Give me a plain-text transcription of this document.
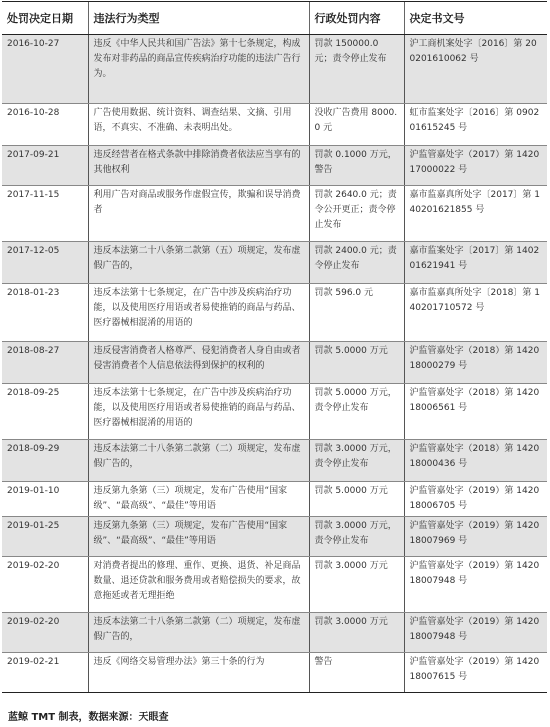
处罚决定日期	违法行为类型	行政处罚内容	决定书文号
2016-10-27	违反《中华人民共和国广告法》第十七条规定，构成发布对非药品的商品宣传疾病治疗功能的违法广告行为。	罚款 150000.0 元；责令停止发布	沪工商机案处字〔2016〕第 200201610062 号
2016-10-28	广告使用数据、统计资料、调查结果、文摘、引用语，不真实、不准确、未表明出处。	没收广告费用 8000.0 元	虹市监案处字〔2016〕第 090201615245 号
2017-09-21	违反经营者在格式条款中排除消费者依法应当享有的其他权利	罚款 0.1000 万元，警告	沪监管嘉处字（2017）第 142017000022 号
2017-11-15	利用广告对商品或服务作虚假宣传，欺骗和误导消费者	罚款 2640.0 元；责令公开更正；责令停止发布	嘉市监嘉真所处字〔2017〕第 140201621855 号
2017-12-05	违反本法第二十八条第二款第（五）项规定，发布虚假广告的，	罚款 2400.0 元；责令停止发布	嘉市监案处字〔2017〕第 140201621941 号
2018-01-23	违反本法第十七条规定，在广告中涉及疾病治疗功能，以及使用医疗用语或者易使推销的商品与药品、医疗器械相混淆的用语的	罚款 596.0 元	嘉市监嘉真所处字〔2018〕第 140201710572 号
2018-08-27	违反侵害消费者人格尊严、侵犯消费者人身自由或者侵害消费者个人信息依法得到保护的权利的	罚款 5.0000 万元	沪监管嘉处字（2018）第 142018000279 号
2018-09-25	违反本法第十七条规定，在广告中涉及疾病治疗功能，以及使用医疗用语或者易使推销的商品与药品、医疗器械相混淆的用语的	罚款 5.0000 万元，责令停止发布	沪监管嘉处字（2018）第 142018006561 号
2018-09-29	违反本法第二十八条第二款第（二）项规定，发布虚假广告的，	罚款 3.0000 万元，责令停止发布	沪监管嘉处字（2018）第 142018000436 号
2019-01-10	违反第九条第（三）项规定，发布广告使用“国家级”、“最高级”、“最佳”等用语	罚款 5.0000 万元	沪监管嘉处字（2019）第 142018006705 号
2019-01-25	违反第九条第（三）项规定，发布广告使用“国家级”、“最高级”、“最佳”等用语	罚款 3.0000 万元，责令停止发布	沪监管嘉处字（2019）第 142018007969 号
2019-02-20	对消费者提出的修理、重作、更换、退货、补足商品数量、退还贷款和服务费用或者赔偿损失的要求，故意拖延或者无理拒绝	罚款 3.0000 万元	沪监管嘉处字（2019）第 142018007948 号
2019-02-20	违反本法第二十八条第二款第（二）项规定，发布虚假广告的，	罚款 3.0000 万元	沪监管嘉处字（2019）第 142018007948 号
2019-02-21	违反《网络交易管理办法》第三十条的行为	警告	沪监管嘉处字（2019）第 142018007615 号
蓝鲸 TMT 制表，数据来源：天眼查
